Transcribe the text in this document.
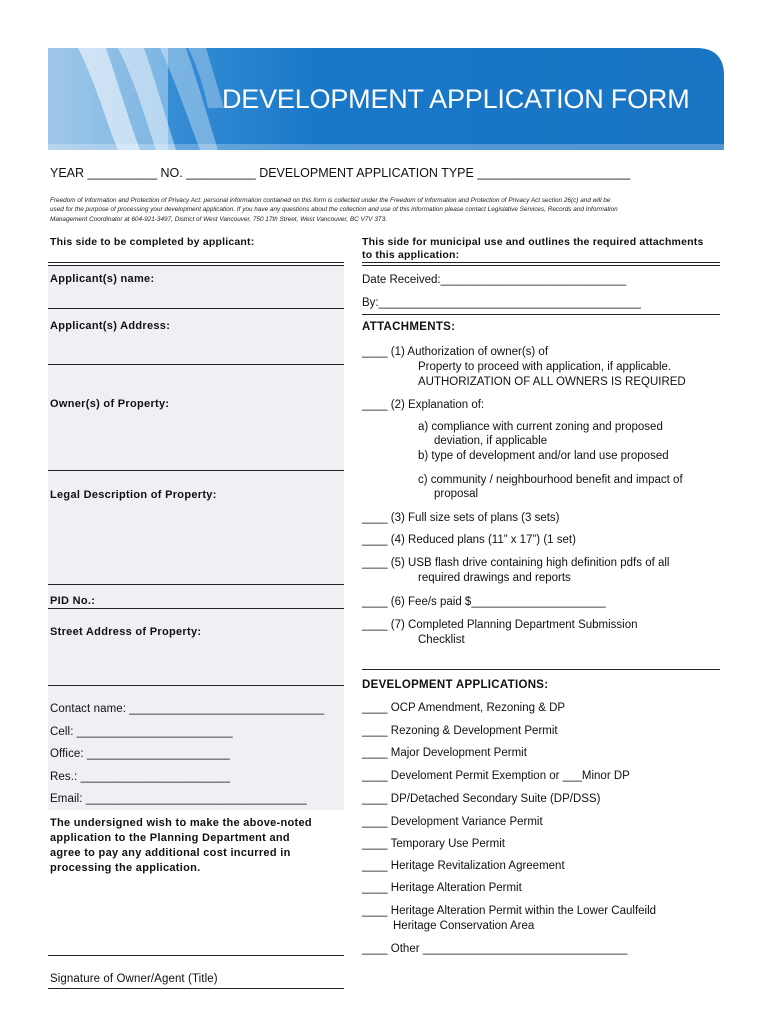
DEVELOPMENT APPLICATION FORM
YEAR __________ NO. __________ DEVELOPMENT APPLICATION TYPE ______________________
Freedom of Information and Protection of Privacy Act: personal information contained on this form is collected under the Freedom of Information and Protection of Privacy Act section 26(c) and will be
used for the purpose of processing your development application. If you have any questions about the collection and use of this information please contact Legislative Services, Records and Information
Management Coordinator at 604-921-3497, District of West Vancouver, 750 17th Street, West Vancouver, BC V7V 3T3.
This side to be completed by applicant:	This side for municipal use and outlines the required attachments
to this application:
Applicant(s) name:
Applicant(s) Address:
Owner(s) of Property:
Legal Description of Property:
PID No.:
Street Address of Property:
Contact name: ______________________________
Cell: ________________________
Office: ______________________
Res.: _______________________
Email: __________________________________
The undersigned wish to make the above-noted
application to the Planning Department and
agree to pay any additional cost incurred in
processing the application.
Signature of Owner/Agent (Title)
Date Received:_____________________________
By:_________________________________________
ATTACHMENTS:
____ (1) Authorization of owner(s) of
Property to proceed with application, if applicable.
AUTHORIZATION OF ALL OWNERS IS REQUIRED
____ (2) Explanation of:
a) compliance with current zoning and proposed
deviation, if applicable
b) type of development and/or land use proposed
c) community / neighbourhood benefit and impact of
proposal
____ (3) Full size sets of plans (3 sets)
____ (4) Reduced plans (11” x 17”) (1 set)
____ (5) USB flash drive containing high definition pdfs of all
required drawings and reports
____ (6) Fee/s paid $_____________________
____ (7) Completed Planning Department Submission
Checklist
DEVELOPMENT APPLICATIONS:
____ OCP Amendment, Rezoning & DP
____ Rezoning & Development Permit
____ Major Development Permit
____ Develoment Permit Exemption or ___Minor DP
____ DP/Detached Secondary Suite (DP/DSS)
____ Development Variance Permit
____ Temporary Use Permit
____ Heritage Revitalization Agreement
____ Heritage Alteration Permit
____ Heritage Alteration Permit within the Lower Caulfeild
Heritage Conservation Area
____ Other ________________________________
